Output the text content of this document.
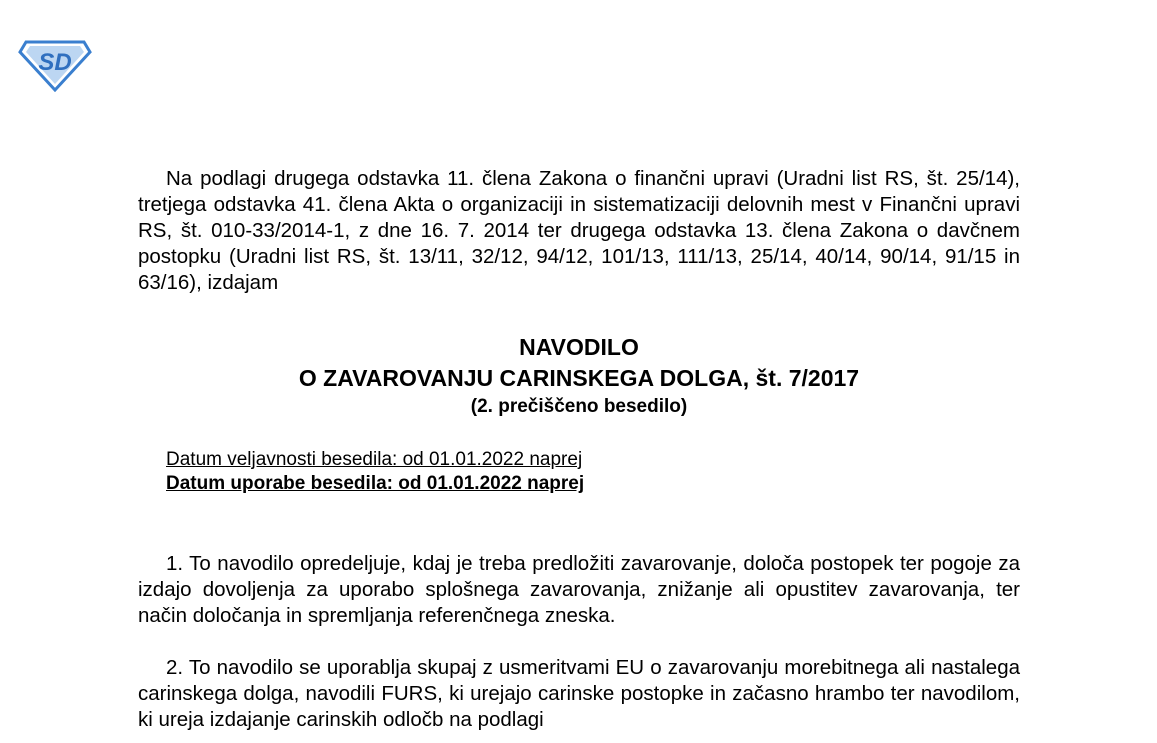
SD

Na podlagi drugega odstavka 11. člena Zakona o finančni upravi (Uradni list RS, št. 25/14), tretjega odstavka 41. člena Akta o organizaciji in sistematizaciji delovnih mest v Finančni upravi RS, št. 010-33/2014-1, z dne 16. 7. 2014 ter drugega odstavka 13. člena Zakona o davčnem postopku (Uradni list RS, št. 13/11, 32/12, 94/12, 101/13, 111/13, 25/14, 40/14, 90/14, 91/15 in 63/16), izdajam

NAVODILO

O ZAVAROVANJU CARINSKEGA DOLGA, št. 7/2017

(2. prečiščeno besedilo)

Datum veljavnosti besedila: od 01.01.2022 naprej
Datum uporabe besedila: od 01.01.2022 naprej

1. To navodilo opredeljuje, kdaj je treba predložiti zavarovanje, določa postopek ter pogoje za izdajo dovoljenja za uporabo splošnega zavarovanja, znižanje ali opustitev zavarovanja, ter način določanja in spremljanja referenčnega zneska.

2. To navodilo se uporablja skupaj z usmeritvami EU o zavarovanju morebitnega ali nastalega carinskega dolga, navodili FURS, ki urejajo carinske postopke in začasno hrambo ter navodilom, ki ureja izdajanje carinskih odločb na podlagi
